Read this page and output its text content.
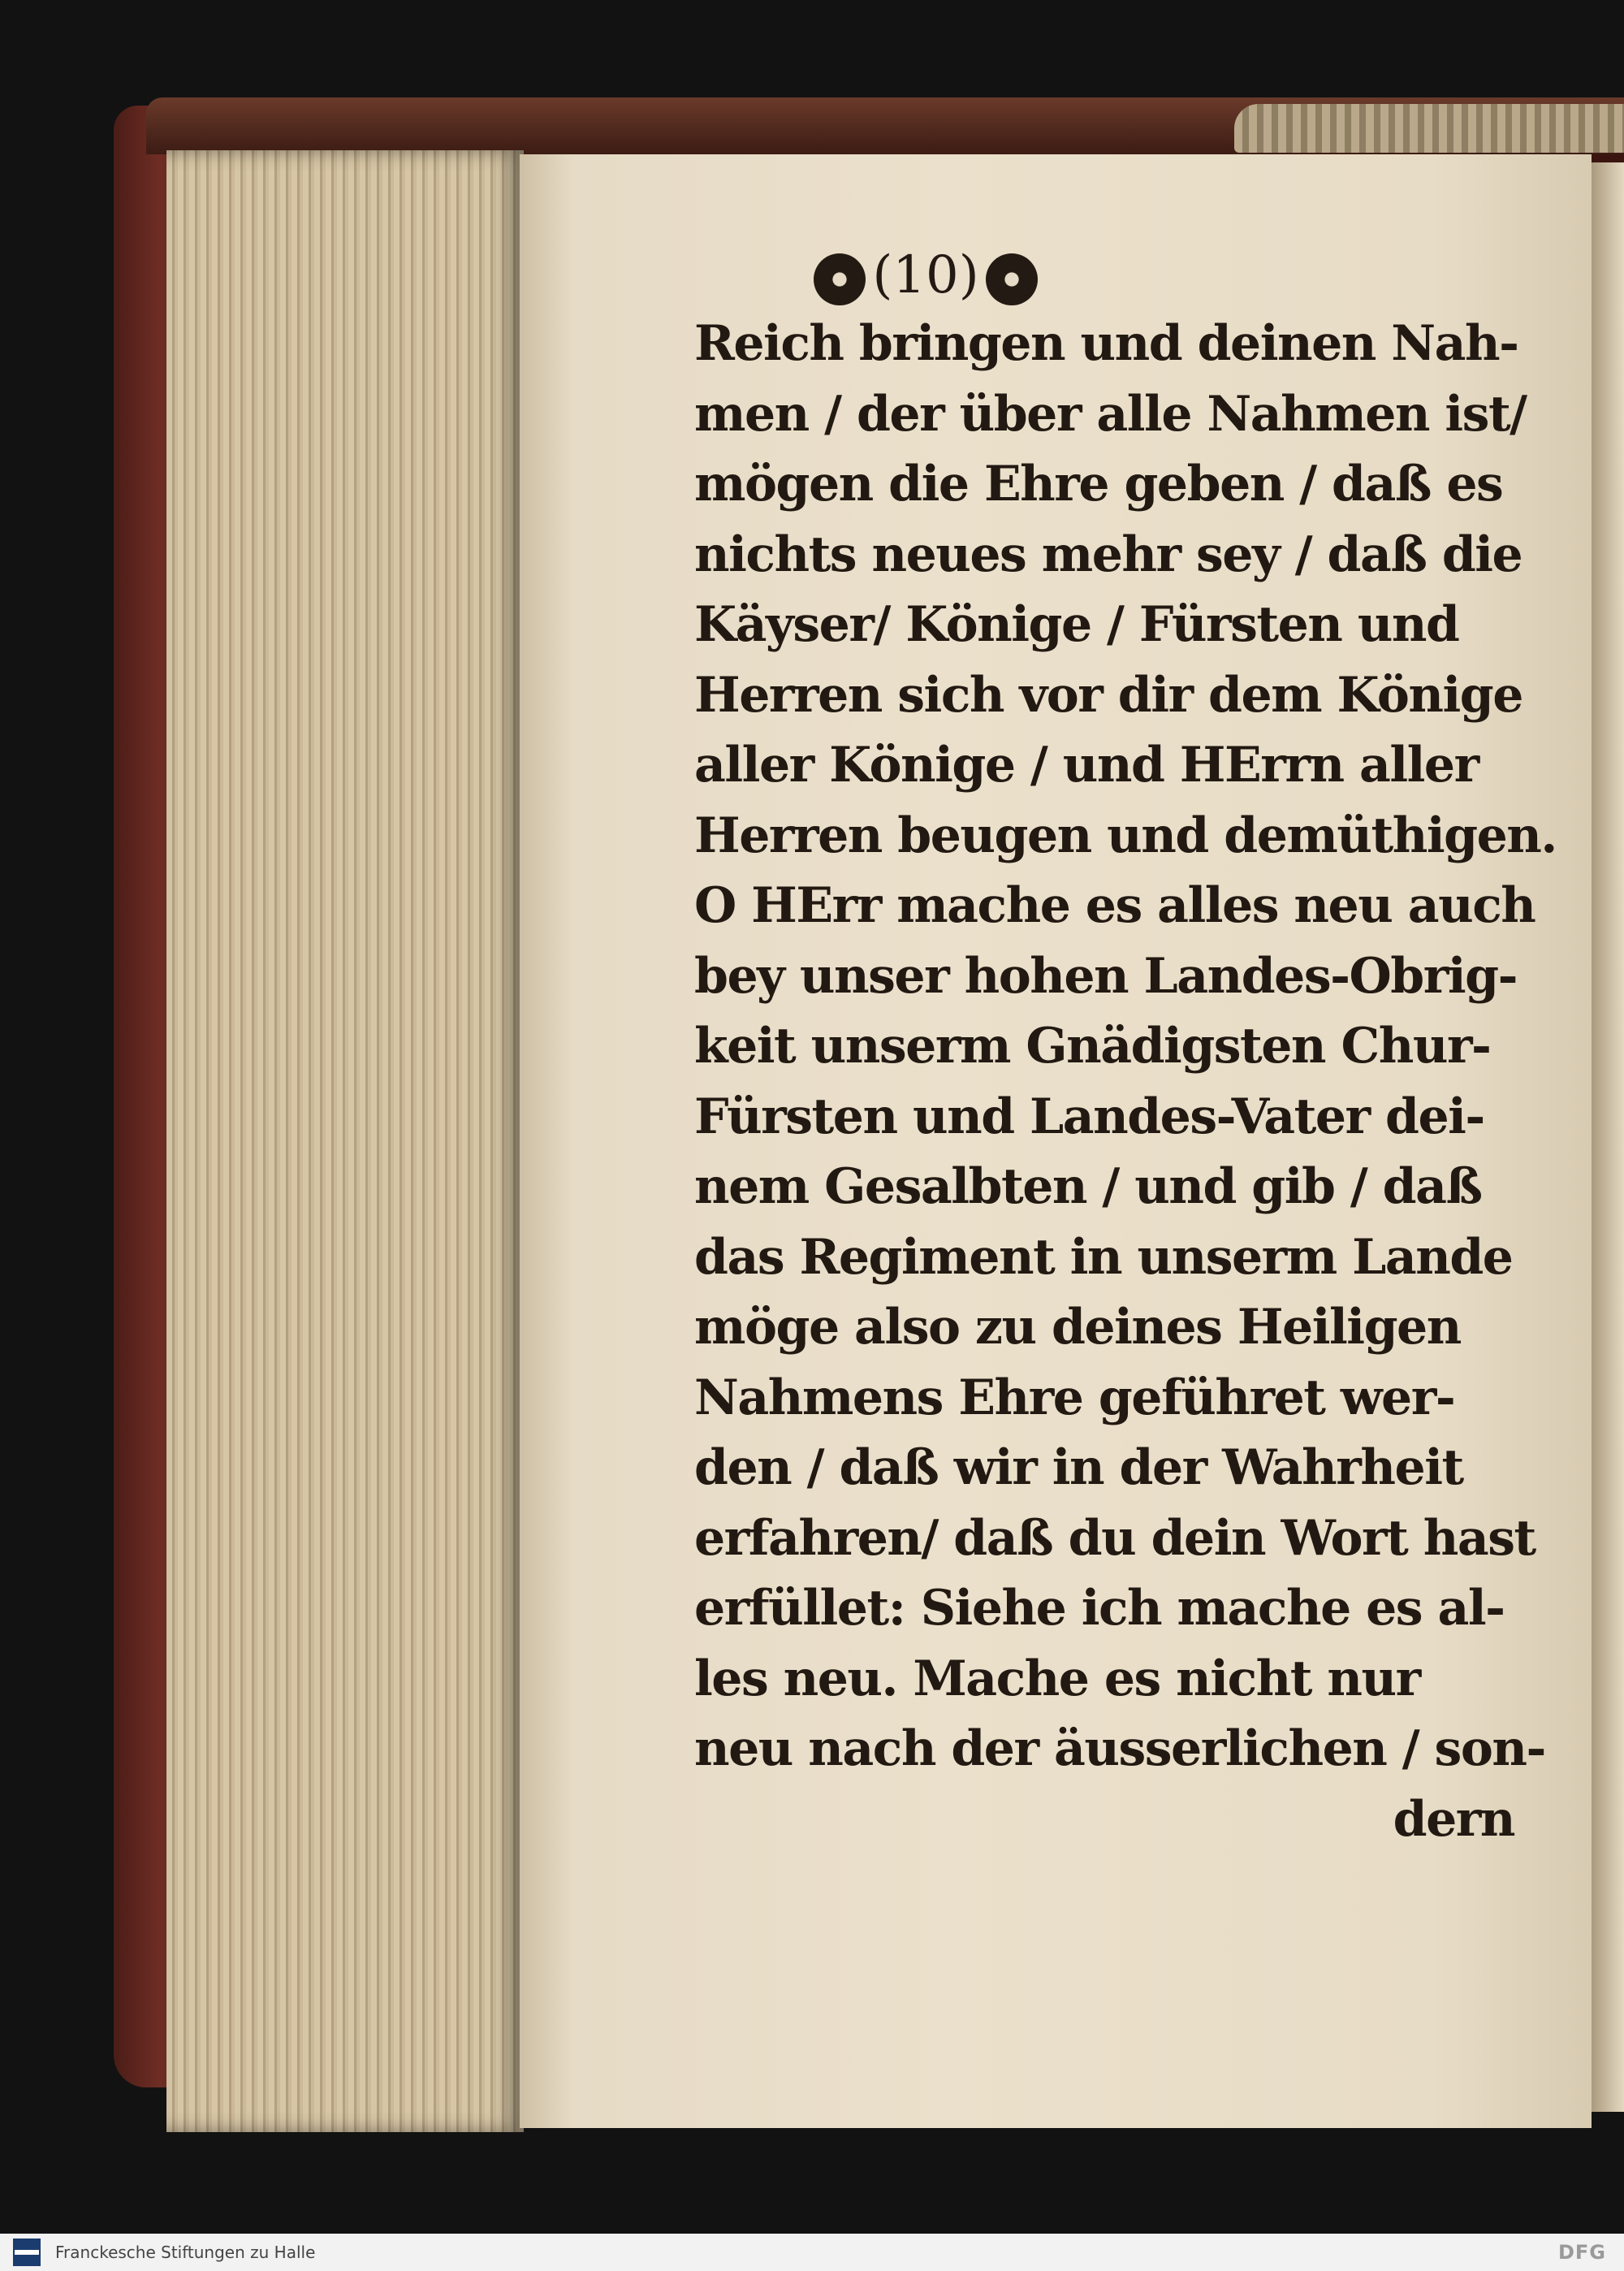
(10)
Reich bringen und deinen Nah-
men / der über alle Nahmen ist/
mögen die Ehre geben / daß es
nichts neues mehr sey / daß die
Käyser/ Könige / Fürsten und
Herren sich vor dir dem Könige
aller Könige / und HErrn aller
Herren beugen und demüthigen.
O HErr mache es alles neu auch
bey unser hohen Landes-Obrig-
keit unserm Gnädigsten Chur-
Fürsten und Landes-Vater dei-
nem Gesalbten / und gib / daß
das Regiment in unserm Lande
möge also zu deines Heiligen
Nahmens Ehre geführet wer-
den / daß wir in der Wahrheit
erfahren/ daß du dein Wort hast
erfüllet: Siehe ich mache es al-
les neu. Mache es nicht nur
neu nach der äusserlichen / son-
dern
Franckesche Stiftungen zu Halle	DFG
